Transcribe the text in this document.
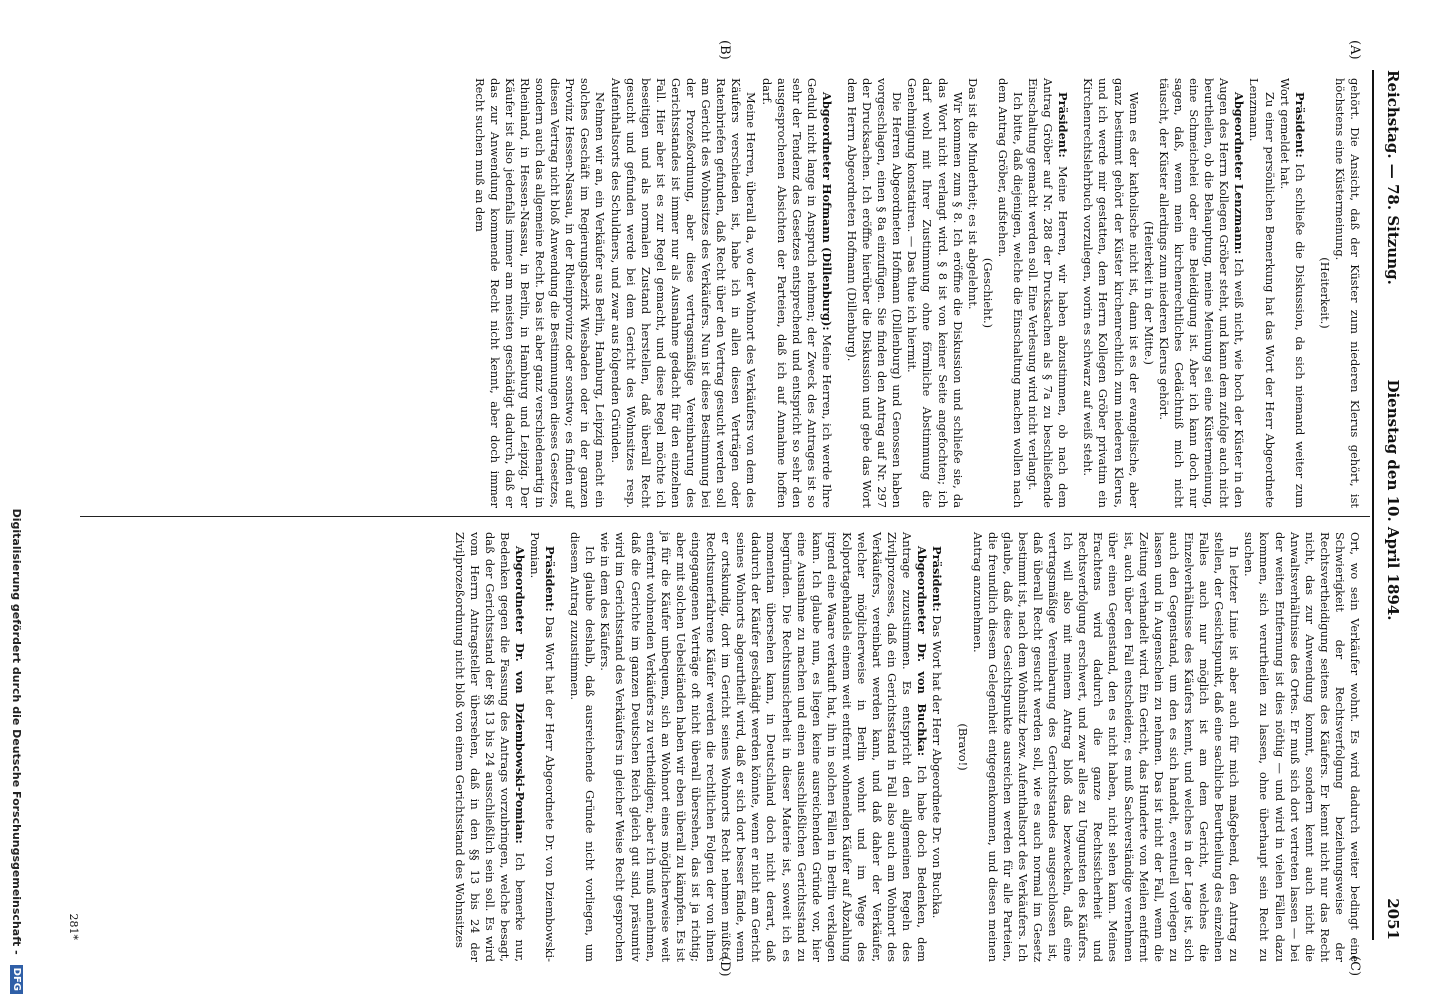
Reichstag. — 78. Sitzung.
Dienstag den 10. April 1894.
2051
(A)
(B)
(C)
(D)

gehört. Die Ansicht, daß der Küster zum niederen Klerus gehört, ist höchstens eine Küstermeinung.

(Heiterkeit.)

Präsident: Ich schließe die Diskussion, da sich niemand weiter zum Wort gemeldet hat.

Zu einer persönlichen Bemerkung hat das Wort der Herr Abgeordnete Lenzmann.

Abgeordneter Lenzmann: Ich weiß nicht, wie hoch der Küster in den Augen des Herrn Kollegen Gröber steht, und kann dem zufolge auch nicht beurtheilen, ob die Behauptung, meine Meinung sei eine Küstermeinung, eine Schmeichelei oder eine Beleidigung ist. Aber ich kann doch nur sagen, daß, wenn mein kirchenrechtliches Gedächtniß mich nicht täuscht, der Küster allerdings zum niederen Klerus gehört.

(Heiterkeit in der Mitte.)

Wenn es der katholische nicht ist, dann ist es der evangelische, aber ganz bestimmt gehört der Küster kirchenrechtlich zum niederen Klerus, und ich werde mir gestatten, dem Herrn Kollegen Gröber privatim ein Kirchenrechtslehrbuch vorzulegen, worin es schwarz auf weiß steht.

Präsident: Meine Herren, wir haben abzustimmen, ob nach dem Antrag Gröber auf Nr. 288 der Drucksachen als § 7a zu beschließende Einschaltung gemacht werden soll. Eine Verlesung wird nicht verlangt.

Ich bitte, daß diejenigen, welche die Einschaltung machen wollen nach dem Antrag Gröber, aufstehen.

(Geschieht.)

Das ist die Minderheit; es ist abgelehnt.

Wir kommen zum § 8. Ich eröffne die Diskussion und schließe sie, da das Wort nicht verlangt wird. § 8 ist von keiner Seite angefochten; ich darf wohl mit Ihrer Zustimmung ohne förmliche Abstimmung die Genehmigung konstatiren. — Das thue ich hiermit.

Die Herren Abgeordneten Hofmann (Dillenburg) und Genossen haben vorgeschlagen, einen § 8a einzufügen. Sie finden den Antrag auf Nr. 297 der Drucksachen. Ich eröffne hierüber die Diskussion und gebe das Wort dem Herrn Abgeordneten Hofmann (Dillenburg).

Abgeordneter Hofmann (Dillenburg): Meine Herren, ich werde Ihre Geduld nicht lange in Anspruch nehmen; der Zweck des Antrages ist so sehr der Tendenz des Gesetzes entsprechend und entspricht so sehr den ausgesprochenen Absichten der Parteien, daß ich auf Annahme hoffen darf.

Meine Herren, überall da, wo der Wohnort des Verkäufers von dem des Käufers verschieden ist, habe ich in allen diesen Verträgen oder Ratenbriefen gefunden, daß Recht über den Vertrag gesucht werden soll am Gericht des Wohnsitzes des Verkäufers. Nun ist diese Bestimmung bei der Prozeßordnung, aber diese vertragsmäßige Vereinbarung des Gerichtsstandes ist immer nur als Ausnahme gedacht für den einzelnen Fall. Hier aber ist es zur Regel gemacht, und diese Regel möchte ich beseitigen und als normalen Zustand herstellen, daß überall Recht gesucht und gefunden werde bei dem Gericht des Wohnsitzes resp. Aufenthaltsorts des Schuldners, und zwar aus folgenden Gründen.

Nehmen wir an, ein Verkäufer aus Berlin, Hamburg, Leipzig macht ein solches Geschäft im Regierungsbezirk Wiesbaden oder in der ganzen Provinz Hessen-Nassau, in der Rheinprovinz oder sonstwo; es finden auf diesen Vertrag nicht bloß Anwendung die Bestimmungen dieses Gesetzes, sondern auch das allgemeine Recht. Das ist aber ganz verschiedenartig in Rheinland, in Hessen-Nassau, in Berlin, in Hamburg und Leipzig. Der Käufer ist also jedenfalls immer am meisten geschädigt dadurch, daß er das zur Anwendung kommende Recht nicht kennt, aber doch immer Recht suchen muß an dem

Ort, wo sein Verkäufer wohnt. Es wird dadurch weiter bedingt eine Schwierigkeit der Rechtsverfolgung beziehungsweise der Rechtsvertheidigung seitens des Käufers. Er kennt nicht nur das Recht nicht, das zur Anwendung kommt, sondern kennt auch nicht die Anwaltsverhältnisse des Ortes. Er muß sich dort vertreten lassen — bei der weiten Entfernung ist dies nöthig — und wird in vielen Fällen dazu kommen, sich verurtheilen zu lassen, ohne überhaupt sein Recht zu suchen.

In letzter Linie ist aber auch für mich maßgebend, den Antrag zu stellen, der Gesichtspunkt, daß eine sachliche Beurtheilung des einzelnen Falles auch nur möglich ist am dem Gericht, welches die Einzelverhältnisse des Käufers kennt, und welches in der Lage ist, sich auch den Gegenstand, um den es sich handelt, eventuell vorlegen zu lassen und in Augenschein zu nehmen. Das ist nicht der Fall, wenn die Zeitung verhandelt wird. Ein Gericht, das Hunderte von Meilen entfernt ist, auch über den Fall entscheiden; es muß Sachverständige vernehmen über einen Gegenstand, den es nicht haben, nicht sehen kann. Meines Erachtens wird dadurch die ganze Rechtssicherheit und Rechtsverfolgung erschwert, und zwar alles zu Ungunsten des Käufers. Ich will also mit meinem Antrag bloß das bezweckeln, daß eine vertragsmäßige Vereinbarung des Gerichtsstandes ausgeschlossen ist, daß überall Recht gesucht werden soll, wie es auch normal im Gesetz bestimmt ist, nach dem Wohnsitz bezw. Aufenthaltsort des Verkäufers. Ich glaube, daß diese Gesichtspunkte ausreichen werden für alle Parteien, die freundlich diesem Gelegenheit entgegenkommen, und diesen meinen Antrag anzunehmen.

(Bravo!)

Präsident: Das Wort hat der Herr Abgeordnete Dr. von Buchka.

Abgeordneter Dr. von Buchka: Ich habe doch Bedenken, dem Antrage zuzustimmen. Es entspricht den allgemeinen Regeln des Zivilprozesses, daß ein Gerichtsstand in Fall also auch am Wohnort des Verkäufers, vereinbart werden kann, und daß daher der Verkäufer, welcher möglicherweise in Berlin wohnt und im Wege des Kolportagehandels einem weit entfernt wohnenden Käufer auf Abzahlung irgend eine Waare verkauft hat, ihn in solchen Fällen in Berlin verklagen kann. Ich glaube nun, es liegen keine ausreichenden Gründe vor, hier eine Ausnahme zu machen und einen ausschließlichen Gerichtsstand zu begründen. Die Rechtsunsicherheit in dieser Materie ist, soweit ich es momentan übersehen kann, in Deutschland doch nicht derart, daß dadurch der Käufer geschädigt werden könnte, wenn er nicht am Gericht seines Wohnorts abgeurtheilt wird, daß er sich dort besser fände, wenn er ortskundig, dort im Gericht seines Wohnorts Recht nehmen müßte. Rechtsunerfahrene Käufer werden die rechtlichen Folgen der von ihnen eingegangenen Verträge oft nicht überall übersehen, das ist ja richtig; aber mit solchen Uebelständen haben wir eben überall zu kämpfen. Es ist ja für die Käufer unbequem, sich an Wohnort eines möglicherweise weit entfernt wohnenden Verkäufers zu vertheidigen; aber ich muß annehmen, daß die Gerichte im ganzen Deutschen Reich gleich gut sind, präsumtiv wird im Gerichtsstand des Verkäufers in gleicher Weise Recht gesprochen wie in dem des Käufers.

Ich glaube deshalb, daß ausreichende Gründe nicht vorliegen, um diesem Antrag zuzustimmen.

Präsident: Das Wort hat der Herr Abgeordnete Dr. von Dziembowski-Pomian.

Abgeordneter Dr. von Dziembowski-Pomian: Ich bemerke nur, Bedenken gegen die Fassung des Antrags vorzubringen, welche besagt, daß der Gerichtsstand der §§ 13 bis 24 ausschließlich sein soll. Es wird vom Herrn Antragsteller übersehen, daß in den §§ 13 bis 24 der Zivilprozeßordnung nicht bloß von einem Gerichtsstand des Wohnsitzes

281*
Digitalisierung gefördert durch die Deutsche Forschungsgemeinschaft -
DFG
